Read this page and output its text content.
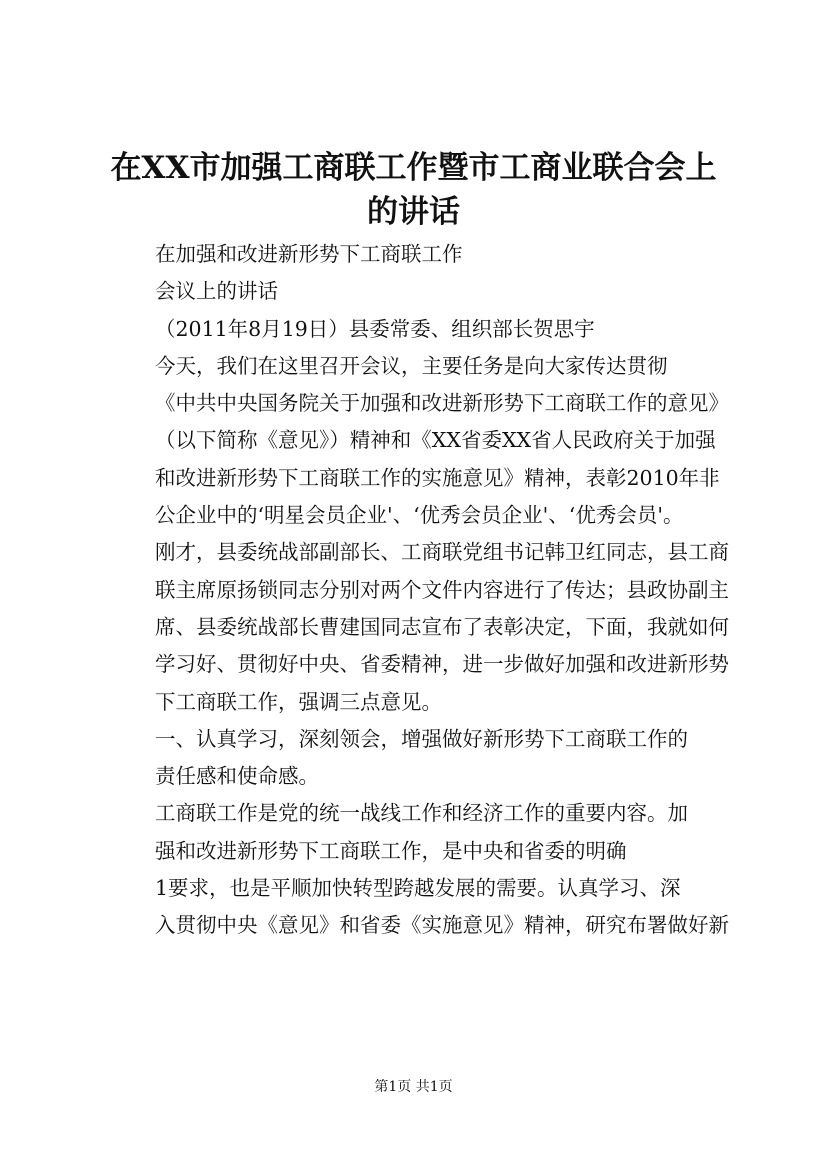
在XX市加强工商联工作暨市工商业联合会上
的讲话

在加强和改进新形势下工商联工作

会议上的讲话

（2011年8月19日）县委常委、组织部长贺思宇

今天，我们在这里召开会议，主要任务是向大家传达贯彻
《中共中央国务院关于加强和改进新形势下工商联工作的意见》
（以下简称《意见》）精神和《XX省委XX省人民政府关于加强
和改进新形势下工商联工作的实施意见》精神，表彰2010年非
公企业中的‘明星会员企业'、‘优秀会员企业'、‘优秀会员'。
刚才，县委统战部副部长、工商联党组书记韩卫红同志，县工商
联主席原扬锁同志分别对两个文件内容进行了传达；县政协副主
席、县委统战部长曹建国同志宣布了表彰决定，下面，我就如何
学习好、贯彻好中央、省委精神，进一步做好加强和改进新形势
下工商联工作，强调三点意见。

一、认真学习，深刻领会，增强做好新形势下工商联工作的
责任感和使命感。

工商联工作是党的统一战线工作和经济工作的重要内容。加
强和改进新形势下工商联工作，是中央和省委的明确

1要求，也是平顺加快转型跨越发展的需要。认真学习、深
入贯彻中央《意见》和省委《实施意见》精神，研究布署做好新

第1页 共1页
